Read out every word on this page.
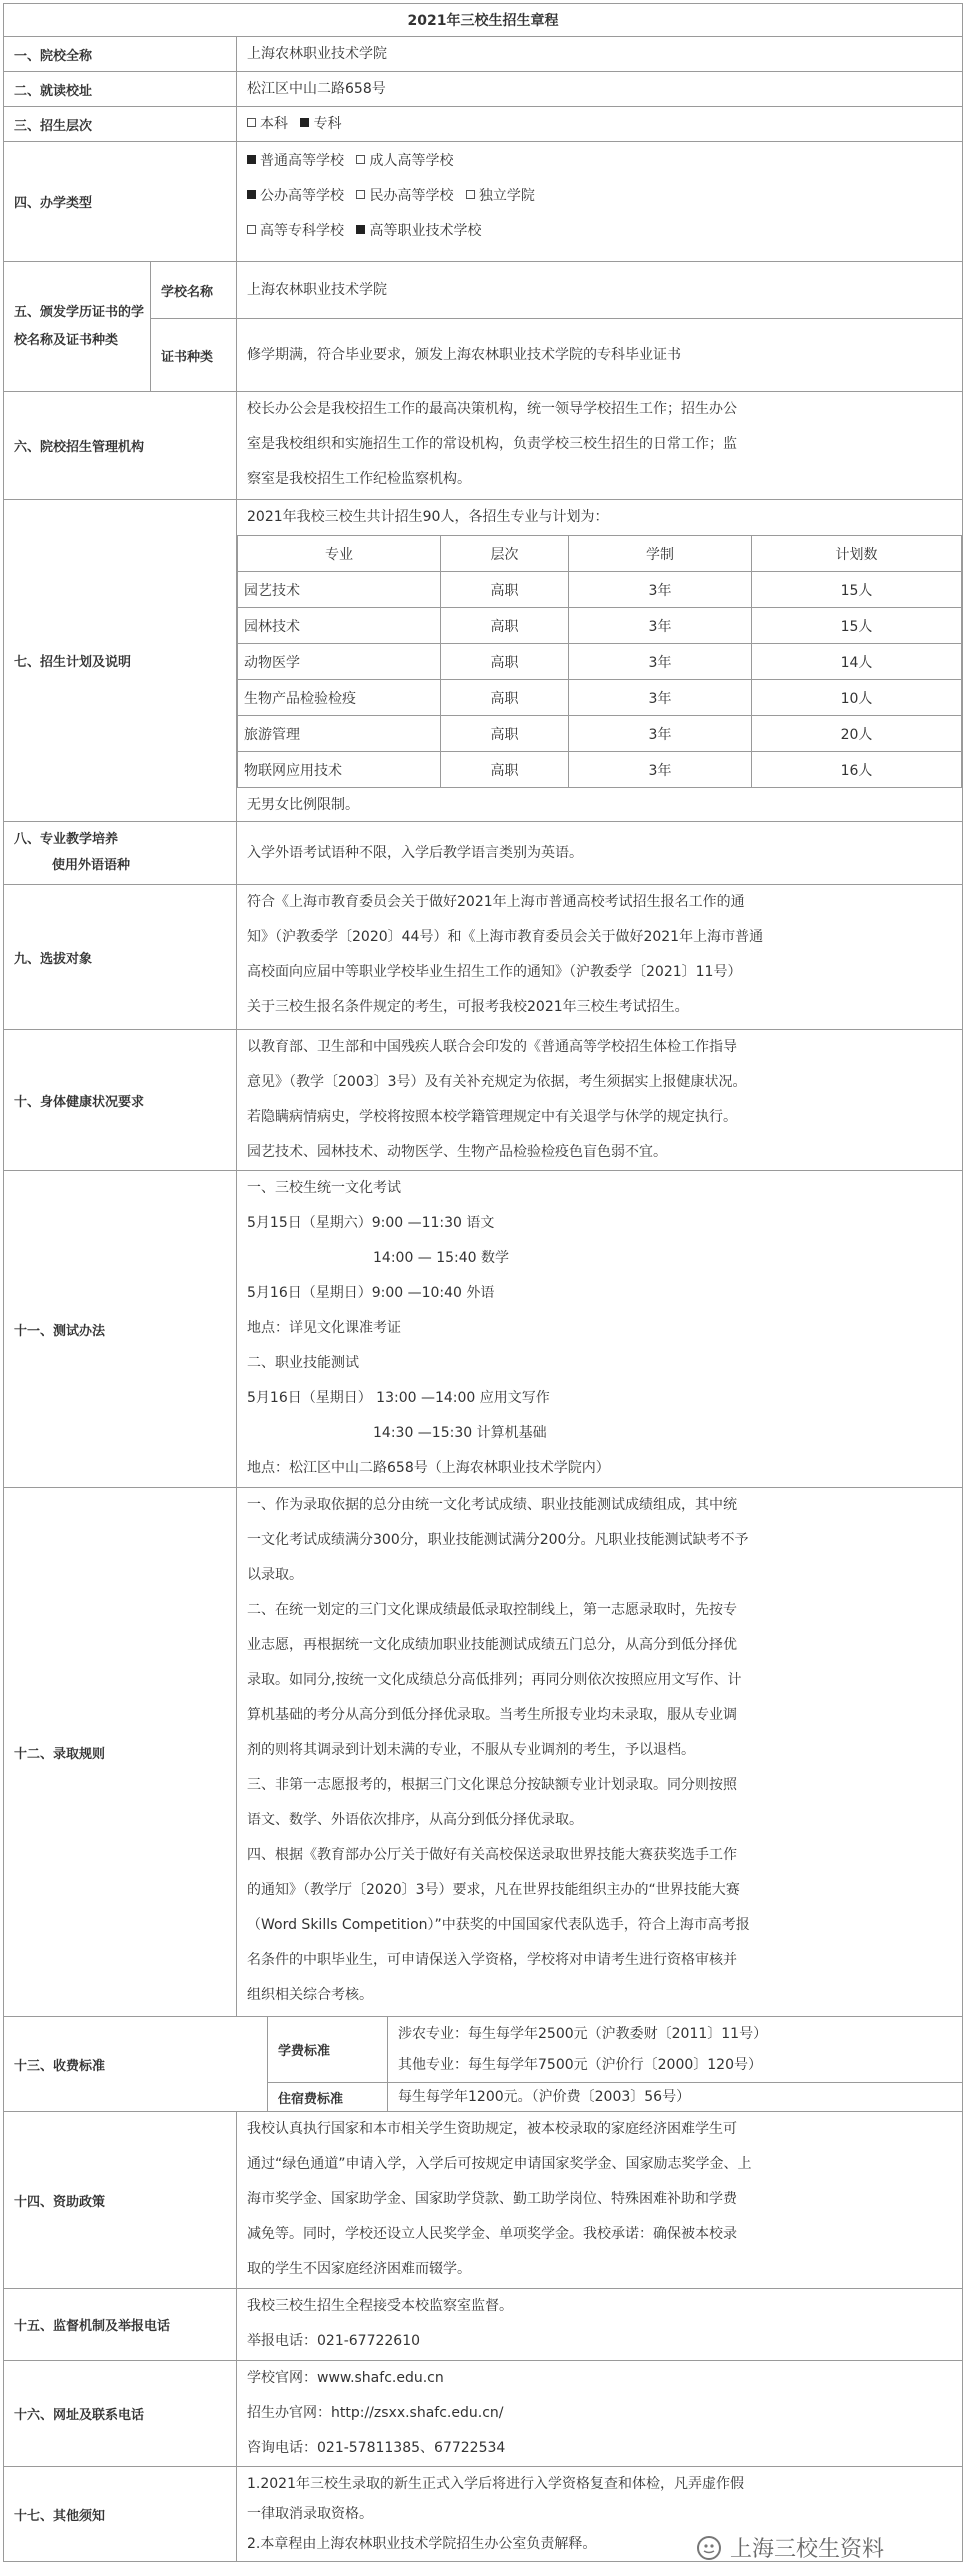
2021年三校生招生章程
一、院校全称	上海农林职业技术学院
二、就读校址	松江区中山二路658号
三、招生层次	本科 专科
四、办学类型

普通高等学校 成人高等学校

公办高等学校 民办高等学校 独立学院

高等专科学校 高等职业技术学校

五、颁发学历证书的学校名称及证书种类
学校名称	上海农林职业技术学院
证书种类	修学期满，符合毕业要求，颁发上海农林职业技术学院的专科毕业证书
六、院校招生管理机构

校长办公会是我校招生工作的最高决策机构，统一领导学校招生工作；招生办公

室是我校组织和实施招生工作的常设机构，负责学校三校生招生的日常工作；监

察室是我校招生工作纪检监察机构。

七、招生计划及说明
2021年我校三校生共计招生90人，各招生专业与计划为：
专业	层次	学制	计划数
园艺技术	高职	3年	15人
园林技术	高职	3年	15人
动物医学	高职	3年	14人
生物产品检验检疫	高职	3年	10人
旅游管理	高职	3年	20人
物联网应用技术	高职	3年	16人
无男女比例限制。
八、专业教学培养
使用外语语种
入学外语考试语种不限，入学后教学语言类别为英语。
九、选拔对象

符合《上海市教育委员会关于做好2021年上海市普通高校考试招生报名工作的通

知》（沪教委学〔2020〕44号）和《上海市教育委员会关于做好2021年上海市普通

高校面向应届中等职业学校毕业生招生工作的通知》（沪教委学〔2021〕11号）

关于三校生报名条件规定的考生，可报考我校2021年三校生考试招生。

十、身体健康状况要求

以教育部、卫生部和中国残疾人联合会印发的《普通高等学校招生体检工作指导

意见》（教学〔2003〕3号）及有关补充规定为依据，考生须据实上报健康状况。

若隐瞒病情病史，学校将按照本校学籍管理规定中有关退学与休学的规定执行。

园艺技术、园林技术、动物医学、生物产品检验检疫色盲色弱不宜。

十一、测试办法

一、三校生统一文化考试

5月15日（星期六）9:00 —11:30 语文

　　　　　　　　　14:00 — 15:40 数学

5月16日（星期日）9:00 —10:40 外语

地点：详见文化课准考证

二、职业技能测试

5月16日（星期日） 13:00 —14:00 应用文写作

　　　　　　　　　14:30 —15:30 计算机基础

地点：松江区中山二路658号（上海农林职业技术学院内）

十二、录取规则

一、作为录取依据的总分由统一文化考试成绩、职业技能测试成绩组成，其中统

一文化考试成绩满分300分，职业技能测试满分200分。凡职业技能测试缺考不予

以录取。

二、在统一划定的三门文化课成绩最低录取控制线上，第一志愿录取时，先按专

业志愿，再根据统一文化成绩加职业技能测试成绩五门总分，从高分到低分择优

录取。如同分,按统一文化成绩总分高低排列；再同分则依次按照应用文写作、计

算机基础的考分从高分到低分择优录取。当考生所报专业均未录取，服从专业调

剂的则将其调录到计划未满的专业，不服从专业调剂的考生，予以退档。

三、非第一志愿报考的，根据三门文化课总分按缺额专业计划录取。同分则按照

语文、数学、外语依次排序，从高分到低分择优录取。

四、根据《教育部办公厅关于做好有关高校保送录取世界技能大赛获奖选手工作

的通知》（教学厅〔2020〕3号）要求，凡在世界技能组织主办的“世界技能大赛

（Word Skills Competition）”中获奖的中国国家代表队选手，符合上海市高考报

名条件的中职毕业生，可申请保送入学资格，学校将对申请考生进行资格审核并

组织相关综合考核。

十三、收费标准
学费标准

涉农专业：每生每学年2500元（沪教委财〔2011〕11号）

其他专业：每生每学年7500元（沪价行〔2000〕120号）

住宿费标准	每生每学年1200元。（沪价费〔2003〕56号）
十四、资助政策

我校认真执行国家和本市相关学生资助规定，被本校录取的家庭经济困难学生可

通过“绿色通道”申请入学，入学后可按规定申请国家奖学金、国家励志奖学金、上

海市奖学金、国家助学金、国家助学贷款、勤工助学岗位、特殊困难补助和学费

减免等。同时，学校还设立人民奖学金、单项奖学金。我校承诺：确保被本校录

取的学生不因家庭经济困难而辍学。

十五、监督机制及举报电话

我校三校生招生全程接受本校监察室监督。

举报电话：021-67722610

十六、网址及联系电话

学校官网：www.shafc.edu.cn

招生办官网：http://zsxx.shafc.edu.cn/

咨询电话：021-57811385、67722534

十七、其他须知

1.2021年三校生录取的新生正式入学后将进行入学资格复查和体检，凡弄虚作假

一律取消录取资格。

2.本章程由上海农林职业技术学院招生办公室负责解释。	上海三校生资料
